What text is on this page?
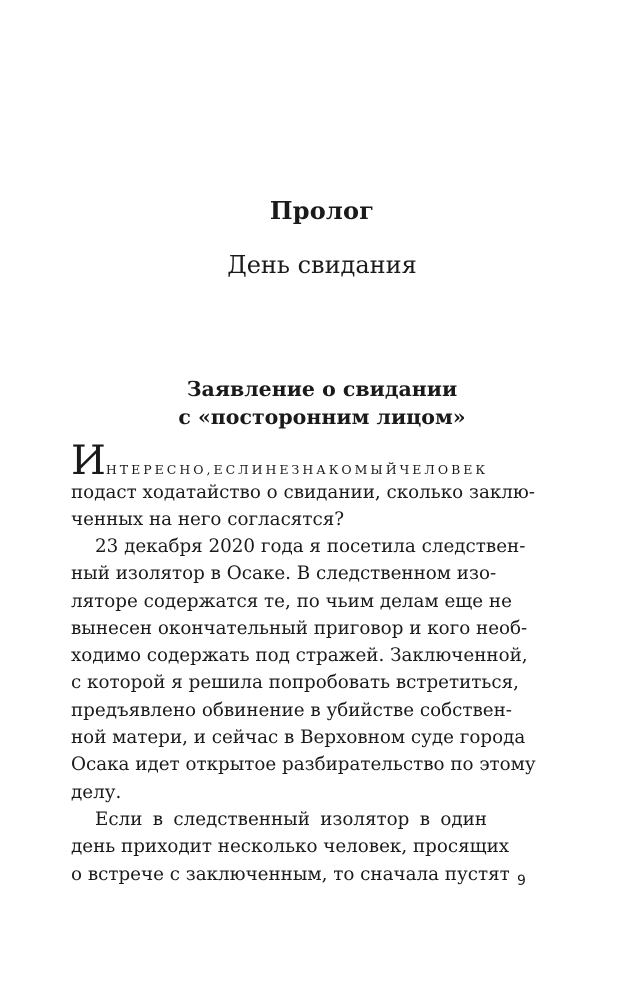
Пролог
День свидания
Заявление о свидании
с «посторонним лицом»
И НТЕРЕСНО, ЕСЛИ НЕЗНАКОМЫЙ ЧЕЛОВЕК
подаст ходатайство о свидании, сколько заклю-
ченных на него согласятся?
23 декабря 2020 года я посетила следствен-
ный изолятор в Осаке. В следственном изо-
ляторе содержатся те, по чьим делам еще не
вынесен окончательный приговор и кого необ-
ходимо содержать под стражей. Заключенной,
с которой я решила попробовать встретиться,
предъявлено обвинение в убийстве собствен-
ной матери, и сейчас в Верховном суде города
Осака идет открытое разбирательство по этому
делу.
Если в следственный изолятор в один
день приходит несколько человек, просящих
о встрече с заключенным, то сначала пустят 9
